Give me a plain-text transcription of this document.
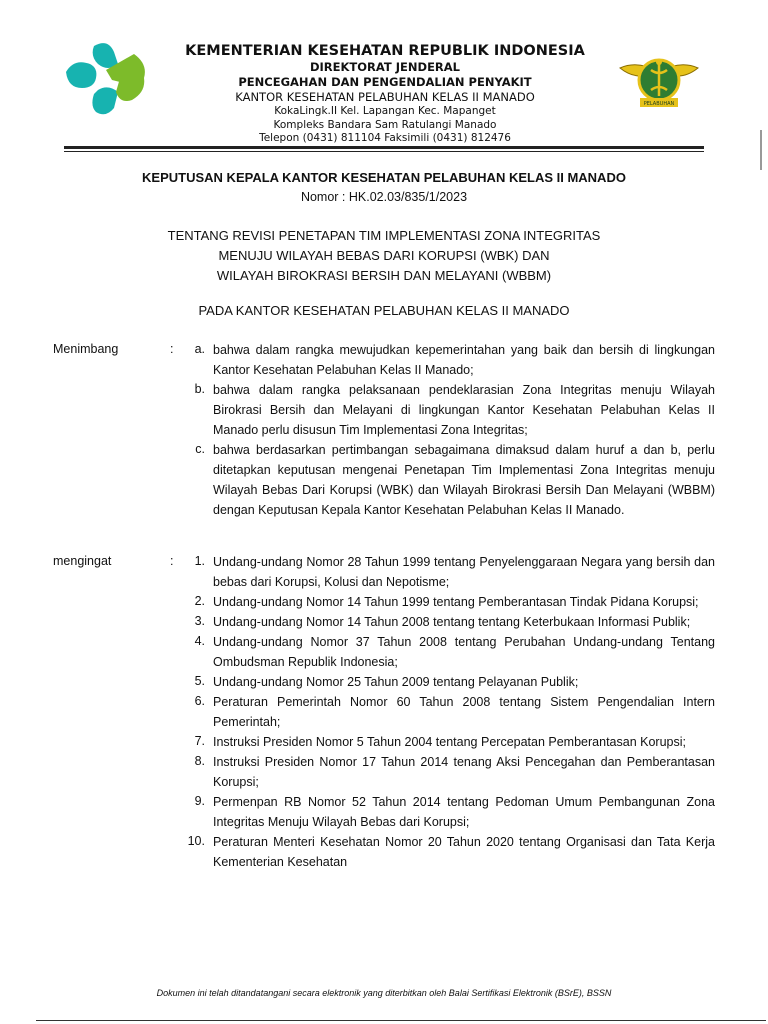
KEMENTERIAN KESEHATAN REPUBLIK INDONESIA
DIREKTORAT JENDERAL
PENCEGAHAN DAN PENGENDALIAN PENYAKIT
KANTOR KESEHATAN PELABUHAN KELAS II MANADO
KokaLingk.II Kel. Lapangan Kec. Mapanget
Kompleks Bandara Sam Ratulangi Manado
Telepon (0431) 811104 Faksimili (0431) 812476
PELABUHAN
KEPUTUSAN KEPALA KANTOR KESEHATAN PELABUHAN KELAS II MANADO
Nomor : HK.02.03/835/1/2023
TENTANG REVISI PENETAPAN TIM IMPLEMENTASI ZONA INTEGRITAS
MENUJU WILAYAH BEBAS DARI KORUPSI (WBK) DAN
WILAYAH BIROKRASI BERSIH DAN MELAYANI (WBBM)
PADA KANTOR KESEHATAN PELABUHAN KELAS II MANADO
Menimbang	:	a. bahwa dalam rangka mewujudkan kepemerintahan yang baik dan bersih di lingkungan Kantor Kesehatan Pelabuhan Kelas II Manado;
b. bahwa dalam rangka pelaksanaan pendeklarasian Zona Integritas menuju Wilayah Birokrasi Bersih dan Melayani di lingkungan Kantor Kesehatan Pelabuhan Kelas II Manado perlu disusun Tim Implementasi Zona Integritas;
c. bahwa berdasarkan pertimbangan sebagaimana dimaksud dalam huruf a dan b, perlu ditetapkan keputusan mengenai Penetapan Tim Implementasi Zona Integritas menuju Wilayah Bebas Dari Korupsi (WBK) dan Wilayah Birokrasi Bersih Dan Melayani (WBBM) dengan Keputusan Kepala Kantor Kesehatan Pelabuhan Kelas II Manado.
mengingat	:	1. Undang-undang Nomor 28 Tahun 1999 tentang Penyelenggaraan Negara yang bersih dan bebas dari Korupsi, Kolusi dan Nepotisme;
2. Undang-undang Nomor 14 Tahun 1999 tentang Pemberantasan Tindak Pidana Korupsi;
3. Undang-undang Nomor 14 Tahun 2008 tentang tentang Keterbukaan Informasi Publik;
4. Undang-undang Nomor 37 Tahun 2008 tentang Perubahan Undang-undang Tentang Ombudsman Republik Indonesia;
5. Undang-undang Nomor 25 Tahun 2009 tentang Pelayanan Publik;
6. Peraturan Pemerintah Nomor 60 Tahun 2008 tentang Sistem Pengendalian Intern Pemerintah;
7. Instruksi Presiden Nomor 5 Tahun 2004 tentang Percepatan Pemberantasan Korupsi;
8. Instruksi Presiden Nomor 17 Tahun 2014 tenang Aksi Pencegahan dan Pemberantasan Korupsi;
9. Permenpan RB Nomor 52 Tahun 2014 tentang Pedoman Umum Pembangunan Zona Integritas Menuju Wilayah Bebas dari Korupsi;
10. Peraturan Menteri Kesehatan Nomor 20 Tahun 2020 tentang Organisasi dan Tata Kerja Kementerian Kesehatan
Dokumen ini telah ditandatangani secara elektronik yang diterbitkan oleh Balai Sertifikasi Elektronik (BSrE), BSSN
